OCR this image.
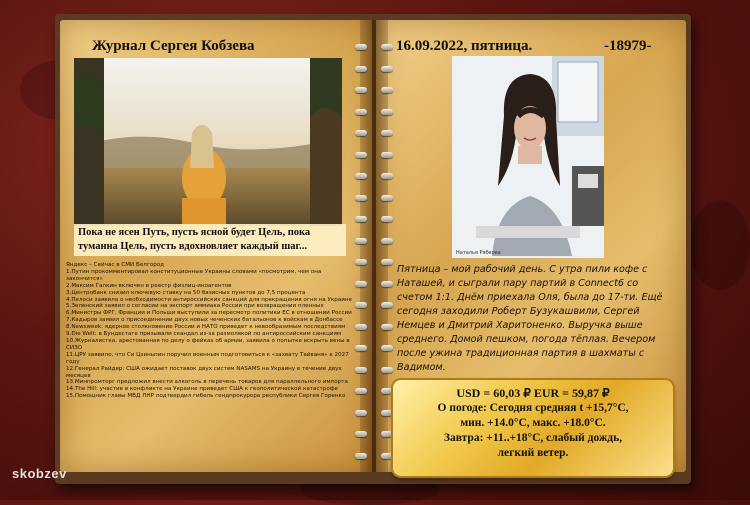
Журнал Сергея Кобзева
Пока не ясен Путь, пусть ясной будет Цель, пока туманна Цель, пусть вдохновляет каждый шаг...
Яндекс – Сейчас в СМИ Белгород
1.Путин прокомментировал конституционные Украины словами «посмотрим, чем она закончится»
2.Максим Галкин включен в реестр физлиц-иноагентов
3.Центробанк снизил ключевую ставку на 50 базисных пунктов до 7,5 процента
4.Пелоси заявила о необходимости антироссийских санкций для прекращения огня на Украине
5.Зеленский заявил о согласии на экспорт аммиака России при возвращении пленных
6.Министры ФРГ, Франции и Польши выступили за пересмотр политики ЕС в отношении России
7.Кадыров заявил о присоединении двух новых чеченских батальонов к войскам в Донбассе
8.Newsweek: ядерное столкновение России и НАТО приведет к невообразимым последствиям
9.Die Welt: в Бундестаге призывали скандал из-за размолвкой по антироссийским санкциям
10.Журналистка, арестованная по делу о фейках об армии, заявила о попытке вскрыть вены в СИЗО
11.ЦРУ заявило, что Си Цзиньпин поручил военным подготовиться к «захвату Тайваня» к 2027 году
12.Генерал Райдер: США ожидает поставок двух систем NASAMS на Украину в течение двух месяцев
13.Минпромторг предложил внести алкоголь в перечень товаров для параллельного импорта
14.The Hill: участие в конфликте на Украине приведет США к геополитической катастрофе
15.Помощник главы МВД ЛНР подтвердил гибель гендпрокурора республики Сергея Горенко
16.09.2022, пятница.	-18979-
Наталья Рябкова
Пятница – мой рабочий день. С утра пили кофе с Наташей, и сыграли пару партий в Connect6 со счетом 1:1. Днём приехала Оля, была до 17-ти. Ещё сегодня заходили Роберт Бузукашвили, Сергей Немцев и Дмитрий Харитоненко. Выручка выше среднего. Домой пешком, погода тёплая. Вечером после ужина традиционная партия в шахматы с Вадимом.
USD = 60,03 ₽ EUR = 59,87 ₽
О погоде: Сегодня средняя t +15,7°С,
мин. +14.0°С, макс. +18.0°С.
Завтра: +11..+18°С, слабый дождь,
легкий ветер.
skobzev
